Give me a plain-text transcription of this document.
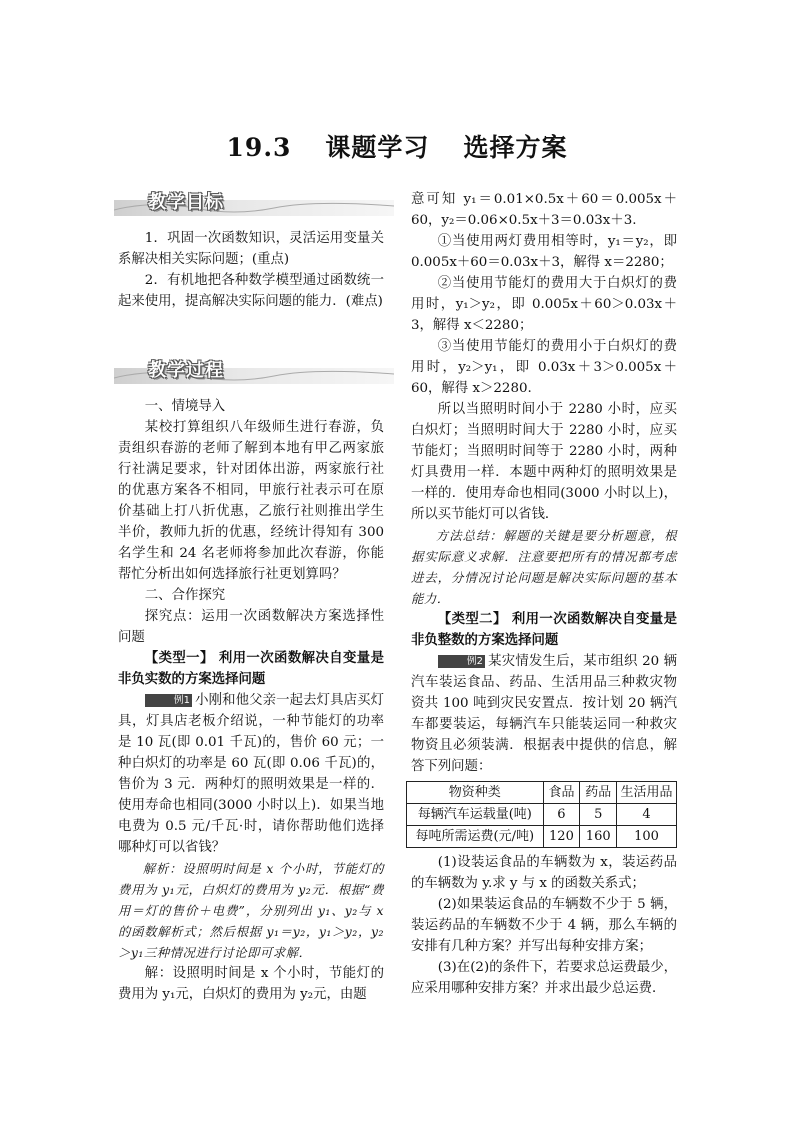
19.3 课题学习 选择方案
教学目标

1．巩固一次函数知识，灵活运用变量关系解决相关实际问题；(重点)

2．有机地把各种数学模型通过函数统一起来使用，提高解决实际问题的能力．(难点)

教学过程

一、情境导入

某校打算组织八年级师生进行春游，负责组织春游的老师了解到本地有甲乙两家旅行社满足要求，针对团体出游，两家旅行社的优惠方案各不相同，甲旅行社表示可在原价基础上打八折优惠，乙旅行社则推出学生半价，教师九折的优惠，经统计得知有 300名学生和 24 名老师将参加此次春游，你能帮忙分析出如何选择旅行社更划算吗？

二、合作探究

探究点：运用一次函数解决方案选择性问题

【类型一】 利用一次函数解决自变量是非负实数的方案选择问题

例1 小刚和他父亲一起去灯具店买灯具，灯具店老板介绍说，一种节能灯的功率是 10 瓦(即 0.01 千瓦)的，售价 60 元；一种白炽灯的功率是 60 瓦(即 0.06 千瓦)的，售价为 3 元．两种灯的照明效果是一样的．使用寿命也相同(3000 小时以上)．如果当地电费为 0.5 元/千瓦·时，请你帮助他们选择哪种灯可以省钱？

解析：设照明时间是 x 个小时，节能灯的费用为 y₁元，白炽灯的费用为 y₂元．根据“费用＝灯的售价＋电费”，分别列出 y₁、y₂与 x 的函数解析式；然后根据 y₁＝y₂，y₁＞y₂，y₂＞y₁三种情况进行讨论即可求解．

解：设照明时间是 x 个小时，节能灯的费用为 y₁元，白炽灯的费用为 y₂元，由题

意可知 y₁＝0.01×0.5x＋60＝0.005x＋60，y₂＝0.06×0.5x＋3＝0.03x＋3.

①当使用两灯费用相等时，y₁＝y₂，即 0.005x＋60＝0.03x＋3，解得 x＝2280；

②当使用节能灯的费用大于白炽灯的费用时，y₁＞y₂，即 0.005x＋60＞0.03x＋3，解得 x＜2280；

③当使用节能灯的费用小于白炽灯的费用时，y₂＞y₁，即 0.03x＋3＞0.005x＋60，解得 x＞2280.

所以当照明时间小于 2280 小时，应买白炽灯；当照明时间大于 2280 小时，应买节能灯；当照明时间等于 2280 小时，两种灯具费用一样．本题中两种灯的照明效果是一样的．使用寿命也相同(3000 小时以上)，所以买节能灯可以省钱．

方法总结：解题的关键是要分析题意，根据实际意义求解．注意要把所有的情况都考虑进去，分情况讨论问题是解决实际问题的基本能力．

【类型二】 利用一次函数解决自变量是非负整数的方案选择问题

例2 某灾情发生后，某市组织 20 辆汽车装运食品、药品、生活用品三种救灾物资共 100 吨到灾民安置点．按计划 20 辆汽车都要装运，每辆汽车只能装运同一种救灾物资且必须装满．根据表中提供的信息，解答下列问题：

物资种类	食品	药品	生活用品
每辆汽车运载量(吨)	6	5	4
每吨所需运费(元/吨)	120	160	100

(1)设装运食品的车辆数为 x，装运药品的车辆数为 y.求 y 与 x 的函数关系式；

(2)如果装运食品的车辆数不少于 5 辆，装运药品的车辆数不少于 4 辆，那么车辆的安排有几种方案？并写出每种安排方案；

(3)在(2)的条件下，若要求总运费最少，应采用哪种安排方案？并求出最少总运费．
